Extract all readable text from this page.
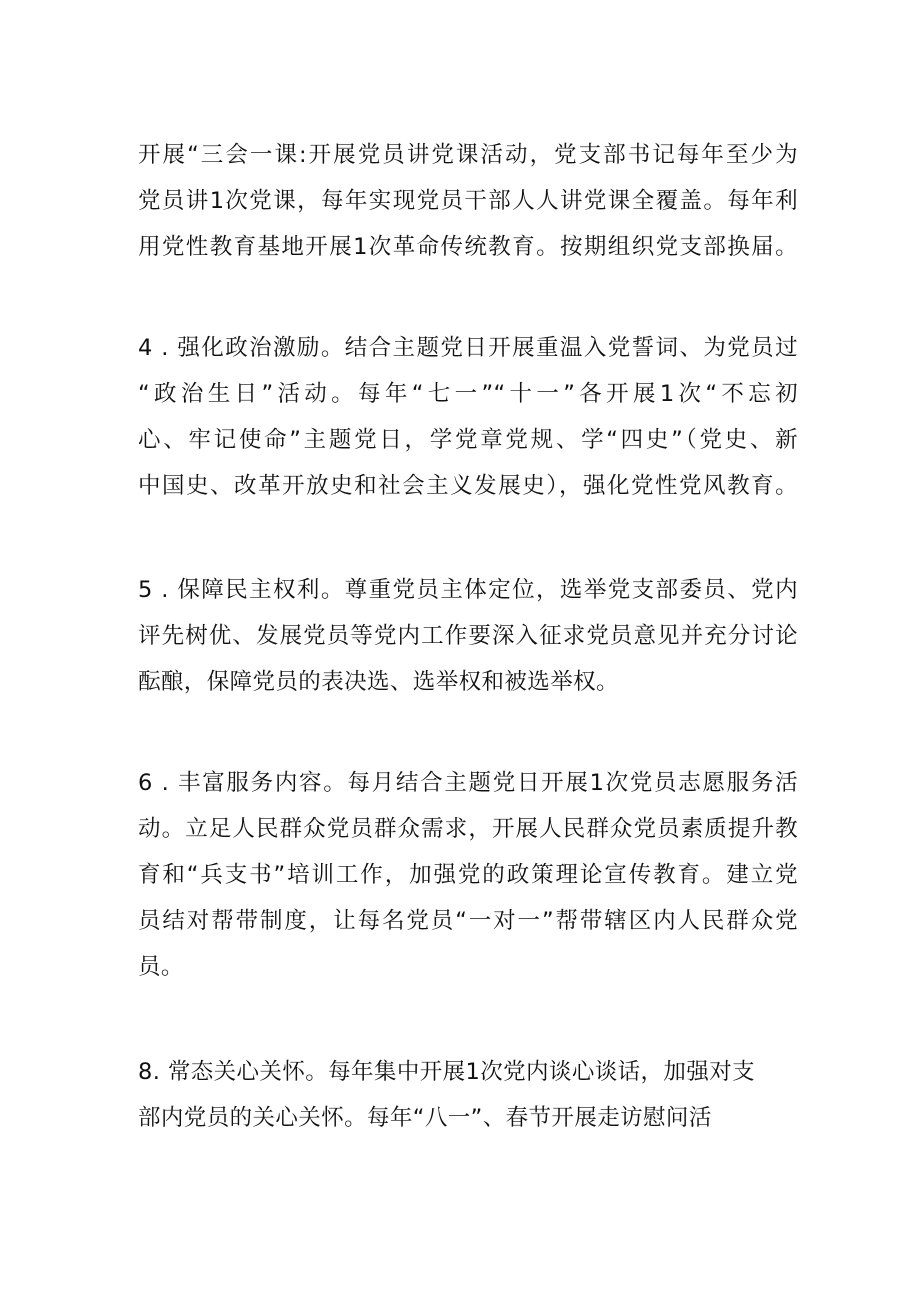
开展“三会一课:开展党员讲党课活动，党支部书记每年至少为
党员讲1次党课，每年实现党员干部人人讲党课全覆盖。每年利
用党性教育基地开展1次革命传统教育。按期组织党支部换届。
4 . 强化政治激励。结合主题党日开展重温入党誓词、为党员过
“政治生日”活动。每年“七一”“十一”各开展1次“不忘初
心、牢记使命”主题党日，学党章党规、学“四史”（党史、新
中国史、改革开放史和社会主义发展史），强化党性党风教育。
5 . 保障民主权利。尊重党员主体定位，选举党支部委员、党内
评先树优、发展党员等党内工作要深入征求党员意见并充分讨论
酝酿，保障党员的表决选、选举权和被选举权。
6 . 丰富服务内容。每月结合主题党日开展1次党员志愿服务活
动。立足人民群众党员群众需求，开展人民群众党员素质提升教
育和“兵支书”培训工作，加强党的政策理论宣传教育。建立党
员结对帮带制度，让每名党员“一对一”帮带辖区内人民群众党
员。
8. 常态关心关怀。每年集中开展1次党内谈心谈话，加强对支
部内党员的关心关怀。每年“八一”、春节开展走访慰问活
